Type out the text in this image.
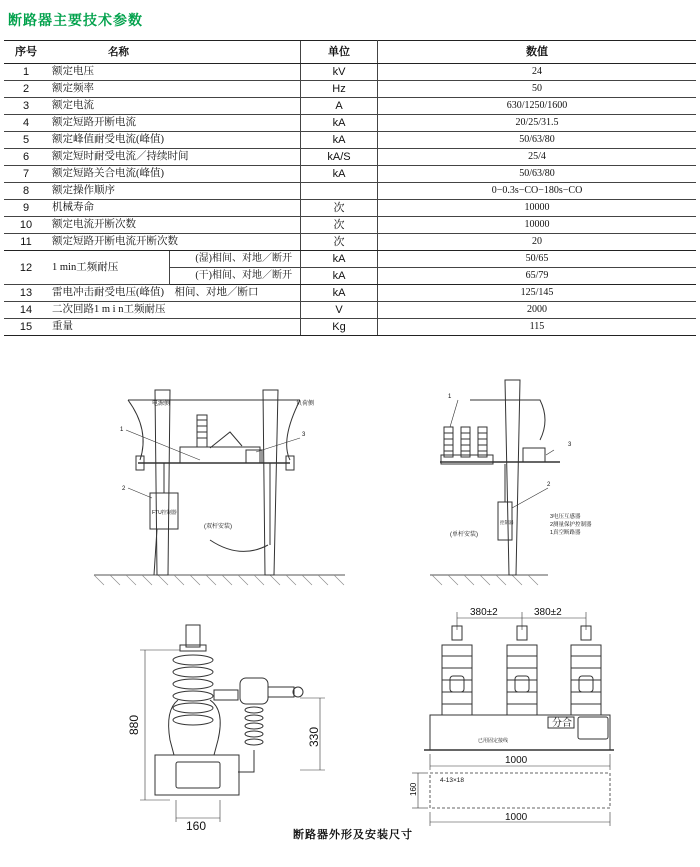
断路器主要技术参数
序号	名称		单位	数值
1	额定电压		kV	24
2	额定频率		Hz	50
3	额定电流		A	630/1250/1600
4	额定短路开断电流		kA	20/25/31.5
5	额定峰值耐受电流(峰值)		kA	50/63/80
6	额定短时耐受电流／持续时间		kA/S	25/4
7	额定短路关合电流(峰值)		kA	50/63/80
8	额定操作顺序			0−0.3s−CO−180s−CO
9	机械寿命		次	10000
10	额定电流开断次数		次	10000
11	额定短路开断电流开断次数		次	20
12	1 min工频耐压	(湿)相间、对地／断开	kA	50/65
		(干)相间、对地／断开	kA	65/79
13	雷电冲击耐受电压(峰值)　相间、对地／断口		kA	125/145
14	二次回路1 m i n工频耐压		V	2000
15	重量		Kg	115
电源侧	负荷侧
1
2
3
FTU控制器
(双杆安装)
1
2
3
控制器
(单杆安装)
3电压互感器
2测量保护控制器
1真空断路器
880
330
160
380±2	380±2
分 合
已用固定接线
1000
4-13×18
160
1000
断路器外形及安装尺寸
